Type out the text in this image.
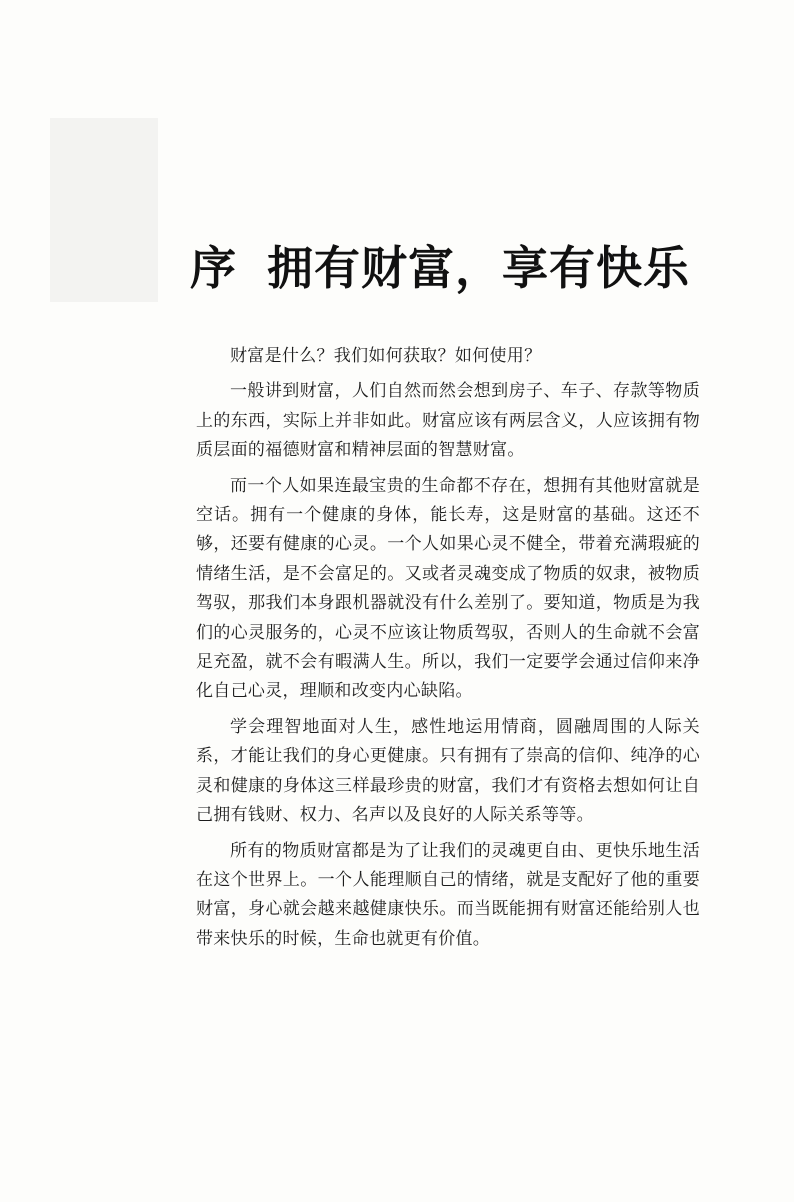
序 拥有财富，享有快乐

财富是什么？我们如何获取？如何使用？

一般讲到财富，人们自然而然会想到房子、车子、存款等物质上的东西，实际上并非如此。财富应该有两层含义，人应该拥有物质层面的福德财富和精神层面的智慧财富。

而一个人如果连最宝贵的生命都不存在，想拥有其他财富就是空话。拥有一个健康的身体，能长寿，这是财富的基础。这还不够，还要有健康的心灵。一个人如果心灵不健全，带着充满瑕疵的情绪生活，是不会富足的。又或者灵魂变成了物质的奴隶，被物质驾驭，那我们本身跟机器就没有什么差别了。要知道，物质是为我们的心灵服务的，心灵不应该让物质驾驭，否则人的生命就不会富足充盈，就不会有暇满人生。所以，我们一定要学会通过信仰来净化自己心灵，理顺和改变内心缺陷。

学会理智地面对人生，感性地运用情商，圆融周围的人际关系，才能让我们的身心更健康。只有拥有了崇高的信仰、纯净的心灵和健康的身体这三样最珍贵的财富，我们才有资格去想如何让自己拥有钱财、权力、名声以及良好的人际关系等等。

所有的物质财富都是为了让我们的灵魂更自由、更快乐地生活在这个世界上。一个人能理顺自己的情绪，就是支配好了他的重要财富，身心就会越来越健康快乐。而当既能拥有财富还能给别人也带来快乐的时候，生命也就更有价值。
